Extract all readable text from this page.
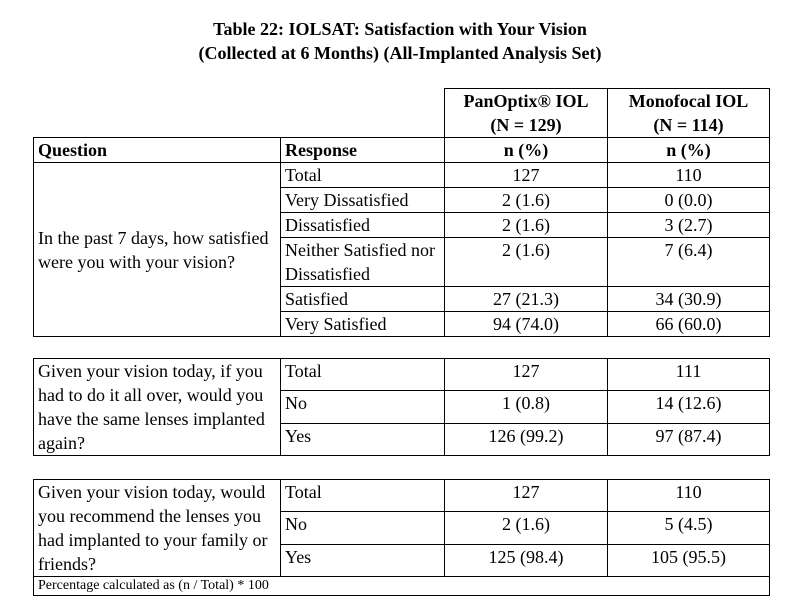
Table 22: IOLSAT: Satisfaction with Your Vision
(Collected at 6 Months) (All-Implanted Analysis Set)
		PanOptix® IOL	Monofocal IOL
		(N = 129)	(N = 114)
Question	Response	n (%)	n (%)
In the past 7 days, how satisfied were you with your vision?	Total	127	110
	Very Dissatisfied	2 (1.6)	0 (0.0)
	Dissatisfied	2 (1.6)	3 (2.7)
	Neither Satisfied nor Dissatisfied	2 (1.6)	7 (6.4)
	Satisfied	27 (21.3)	34 (30.9)
	Very Satisfied	94 (74.0)	66 (60.0)
Given your vision today, if you had to do it all over, would you have the same lenses implanted again?	Total	127	111
	No	1 (0.8)	14 (12.6)
	Yes	126 (99.2)	97 (87.4)

Given your vision today, would you recommend the lenses you had implanted to your family or friends?	Total	127	110
	No	2 (1.6)	5 (4.5)
	Yes	125 (98.4)	105 (95.5)

Percentage calculated as (n / Total) * 100			
